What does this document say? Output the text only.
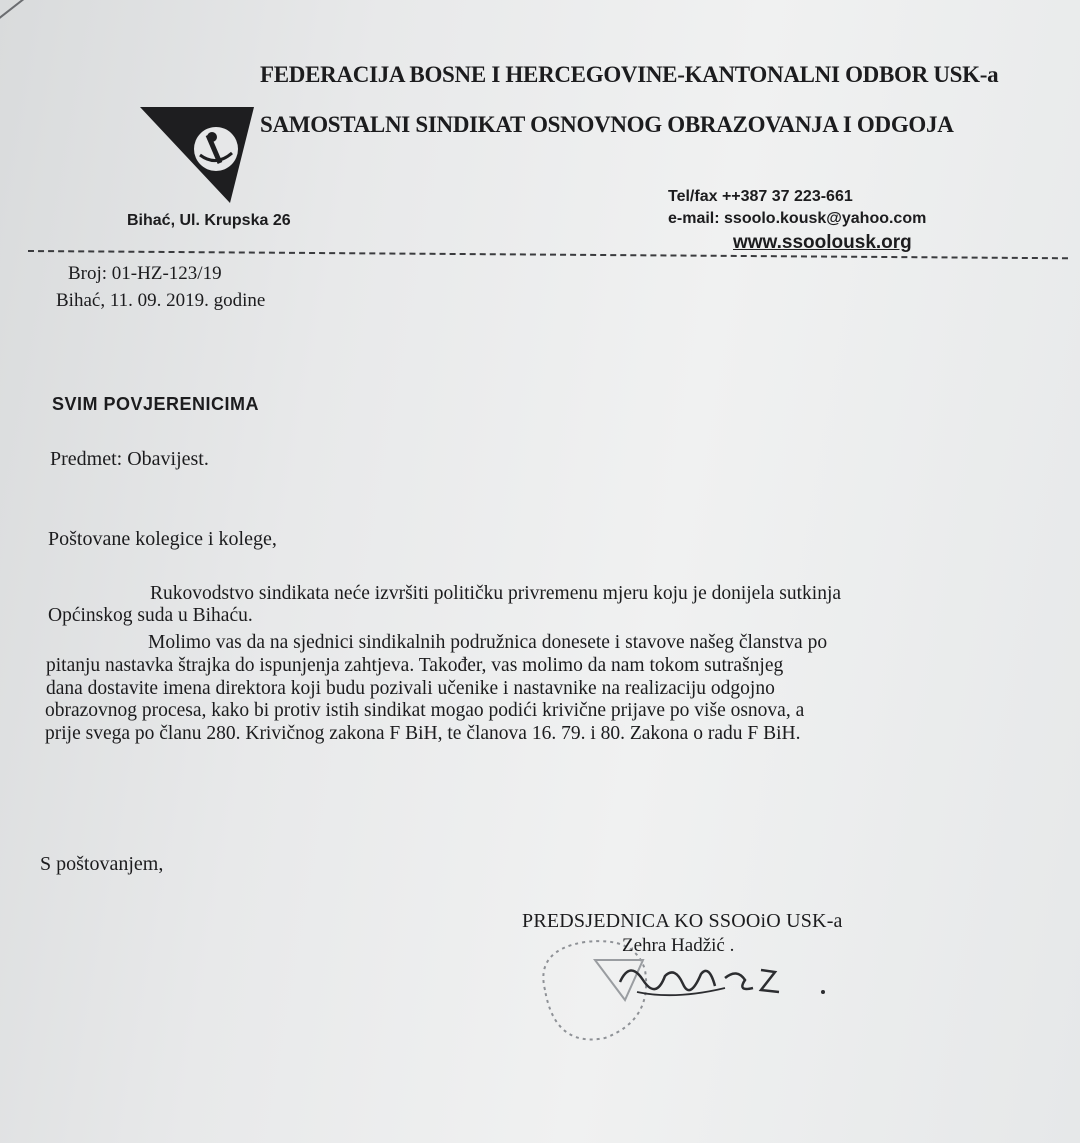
FEDERACIJA BOSNE I HERCEGOVINE-KANTONALNI ODBOR USK-a
SAMOSTALNI SINDIKAT OSNOVNOG OBRAZOVANJA I ODGOJA
Bihać, Ul. Krupska 26
Tel/fax ++387 37 223-661
e-mail: ssoolo.kousk@yahoo.com
www.ssoolousk.org
Broj: 01-HZ-123/19
Bihać, 11. 09. 2019. godine
SVIM POVJERENICIMA
Predmet: Obavijest.
Poštovane kolegice i kolege,
Rukovodstvo sindikata neće izvršiti političku privremenu mjeru koju je donijela sutkinja
Općinskog suda u Bihaću.
Molimo vas da na sjednici sindikalnih podružnica donesete i stavove našeg članstva po
pitanju nastavka štrajka do ispunjenja zahtjeva. Također, vas molimo da nam tokom sutrašnjeg
dana dostavite imena direktora koji budu pozivali učenike i nastavnike na realizaciju odgojno
obrazovnog procesa, kako bi protiv istih sindikat mogao podići krivične prijave po više osnova, a
prije svega po članu 280. Krivičnog zakona F BiH, te članova 16. 79. i 80. Zakona o radu F BiH.
S poštovanjem,
PREDSJEDNICA KO SSOOiO USK-a
Zehra Hadžić .
